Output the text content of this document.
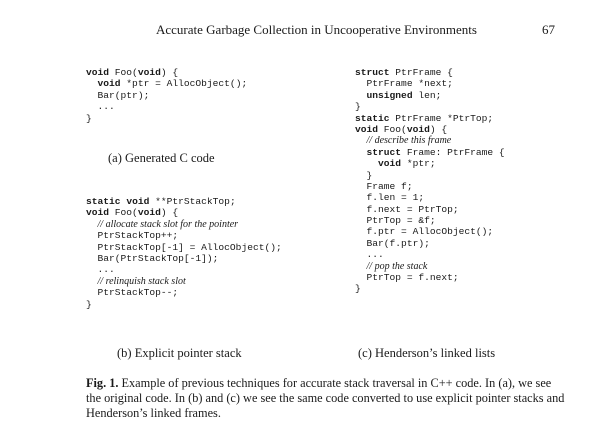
Accurate Garbage Collection in Uncooperative Environments	67
void Foo(void) {
void *ptr = AllocObject();
Bar(ptr);
...
}
(a) Generated C code
static void **PtrStackTop;
void Foo(void) {
// allocate stack slot for the pointer
PtrStackTop++;
PtrStackTop[-1] = AllocObject();
Bar(PtrStackTop[-1]);
...
// relinquish stack slot
PtrStackTop--;
}
(b) Explicit pointer stack
struct PtrFrame {
PtrFrame *next;
unsigned len;
}
static PtrFrame *PtrTop;
void Foo(void) {
// describe this frame
struct Frame: PtrFrame {
void *ptr;
}
Frame f;
f.len = 1;
f.next = PtrTop;
PtrTop = &f;
f.ptr = AllocObject();
Bar(f.ptr);
...
// pop the stack
PtrTop = f.next;
}
(c) Henderson’s linked lists
Fig. 1. Example of previous techniques for accurate stack traversal in C++ code. In (a), we see the original code. In (b) and (c) we see the same code converted to use explicit pointer stacks and Henderson’s linked frames.
